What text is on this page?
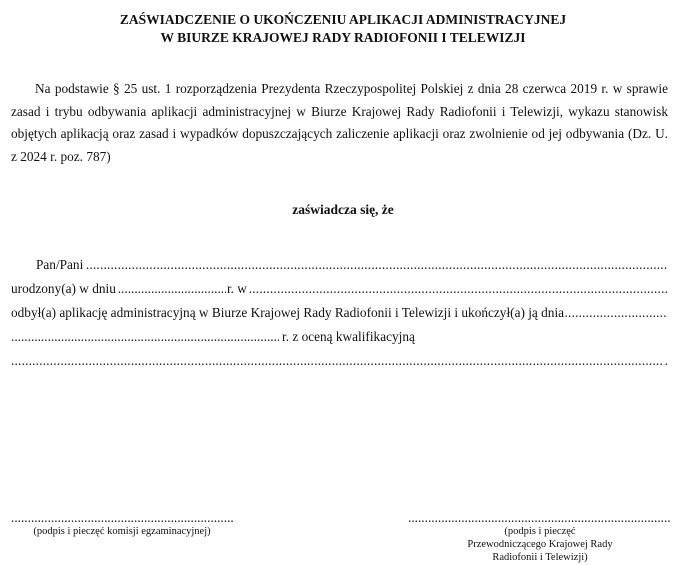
ZAŚWIADCZENIE O UKOŃCZENIU APLIKACJI ADMINISTRACYJNEJ
W BIURZE KRAJOWEJ RADY RADIOFONII I TELEWIZJI
Na podstawie § 25 ust. 1 rozporządzenia Prezydenta Rzeczypospolitej Polskiej z dnia 28 czerwca 2019 r. w sprawie zasad i trybu odbywania aplikacji administracyjnej w Biurze Krajowej Rady Radiofonii i Telewizji, wykazu stanowisk objętych aplikacją oraz zasad i wypadków dopuszczających zaliczenie aplikacji oraz zwolnienie od jej odbywania (Dz. U. z 2024 r. poz. 787)
zaświadcza się, że
Pan/Pani
.....
urodzony(a) w dniu
.....	r. w
.....
odbył(a) aplikację administracyjną w Biurze Krajowej Rady Radiofonii i Telewizji i ukończył(a) ją dnia
.....
.....
r. z oceną kwalifikacyjną
.....
.
.....
.....
(podpis i pieczęć komisji egzaminacyjnej)	(podpis i pieczęć
Przewodniczącego Krajowej Rady
Radiofonii i Telewizji)
